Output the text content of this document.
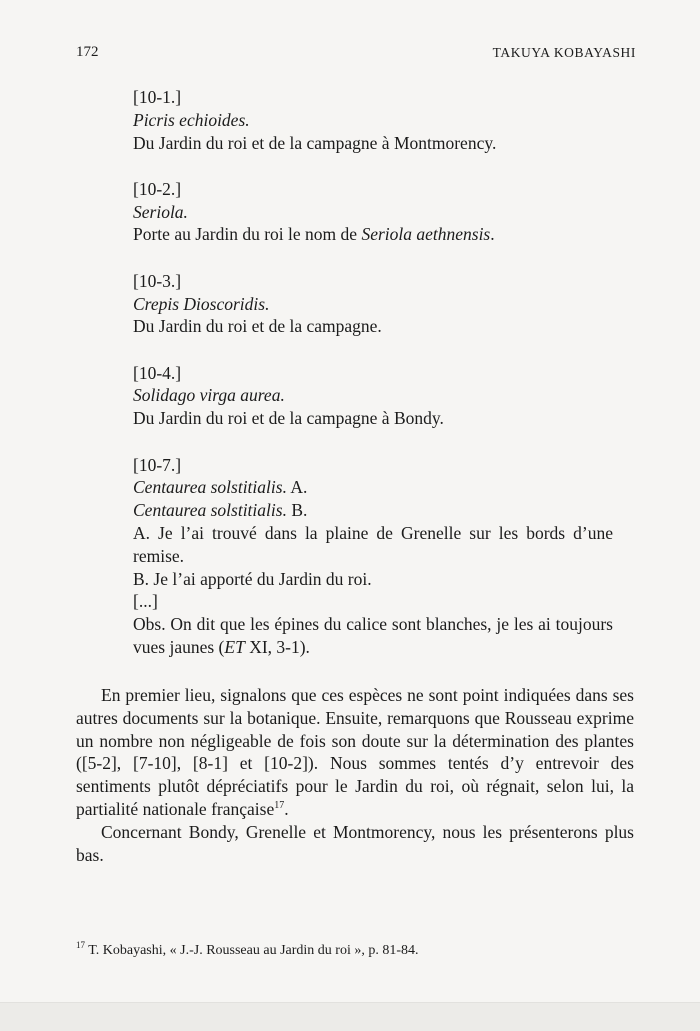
172	TAKUYA KOBAYASHI
[10-1.]
Picris echioides.
Du Jardin du roi et de la campagne à Montmorency.
[10-2.]
Seriola.
Porte au Jardin du roi le nom de Seriola aethnensis.
[10-3.]
Crepis Dioscoridis.
Du Jardin du roi et de la campagne.
[10-4.]
Solidago virga aurea.
Du Jardin du roi et de la campagne à Bondy.
[10-7.]
Centaurea solstitialis. A.
Centaurea solstitialis. B.
A. Je l’ai trouvé dans la plaine de Grenelle sur les bords d’une remise.
B. Je l’ai apporté du Jardin du roi.
[...]
Obs. On dit que les épines du calice sont blanches, je les ai toujours vues jaunes (ET XI, 3-1).

En premier lieu, signalons que ces espèces ne sont point indiquées dans ses autres documents sur la botanique. Ensuite, remarquons que Rousseau exprime un nombre non négligeable de fois son doute sur la détermination des plantes ([5-2], [7-10], [8-1] et [10-2]). Nous sommes tentés d’y entrevoir des sentiments plutôt dépréciatifs pour le Jardin du roi, où régnait, selon lui, la partialité nationale française$^{17}$.

Concernant Bondy, Grenelle et Montmorency, nous les présenterons plus bas.

$^{17}$ T. Kobayashi, « J.-J. Rousseau au Jardin du roi », p. 81-84.
